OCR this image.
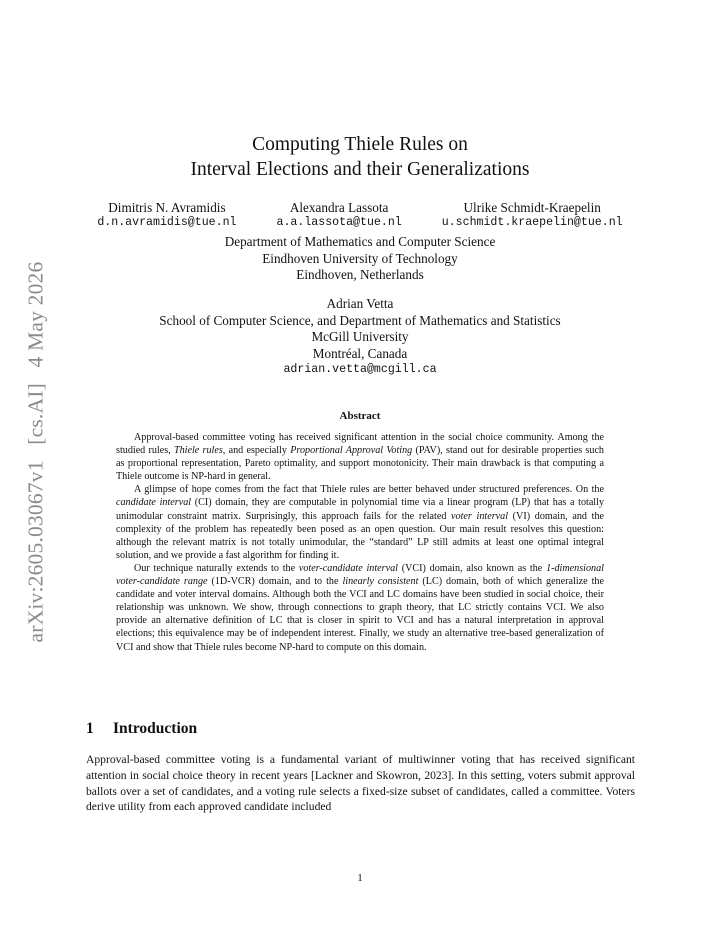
arXiv:2605.03067v1 [cs.AI] 4 May 2026
Computing Thiele Rules on
Interval Elections and their Generalizations
Dimitris N. Avramidis
d.n.avramidis@tue.nl
Alexandra Lassota
a.a.lassota@tue.nl
Ulrike Schmidt-Kraepelin
u.schmidt.kraepelin@tue.nl
Department of Mathematics and Computer Science
Eindhoven University of Technology
Eindhoven, Netherlands
Adrian Vetta
School of Computer Science, and Department of Mathematics and Statistics
McGill University
Montréal, Canada
adrian.vetta@mcgill.ca
Abstract

Approval-based committee voting has received significant attention in the social choice community. Among the studied rules, Thiele rules, and especially Proportional Approval Voting (PAV), stand out for desirable properties such as proportional representation, Pareto optimality, and support monotonicity. Their main drawback is that computing a Thiele outcome is NP-hard in general.

A glimpse of hope comes from the fact that Thiele rules are better behaved under structured preferences. On the candidate interval (CI) domain, they are computable in polynomial time via a linear program (LP) that has a totally unimodular constraint matrix. Surprisingly, this approach fails for the related voter interval (VI) domain, and the complexity of the problem has repeatedly been posed as an open question. Our main result resolves this question: although the relevant matrix is not totally unimodular, the “standard” LP still admits at least one optimal integral solution, and we provide a fast algorithm for finding it.

Our technique naturally extends to the voter-candidate interval (VCI) domain, also known as the 1-dimensional voter-candidate range (1D-VCR) domain, and to the linearly consistent (LC) domain, both of which generalize the candidate and voter interval domains. Although both the VCI and LC domains have been studied in social choice, their relationship was unknown. We show, through connections to graph theory, that LC strictly contains VCI. We also provide an alternative definition of LC that is closer in spirit to VCI and has a natural interpretation in approval elections; this equivalence may be of independent interest. Finally, we study an alternative tree-based generalization of VCI and show that Thiele rules become NP-hard to compute on this domain.

1 Introduction

Approval-based committee voting is a fundamental variant of multiwinner voting that has received significant attention in social choice theory in recent years [Lackner and Skowron, 2023]. In this setting, voters submit approval ballots over a set of candidates, and a voting rule selects a fixed-size subset of candidates, called a committee. Voters derive utility from each approved candidate included

1
